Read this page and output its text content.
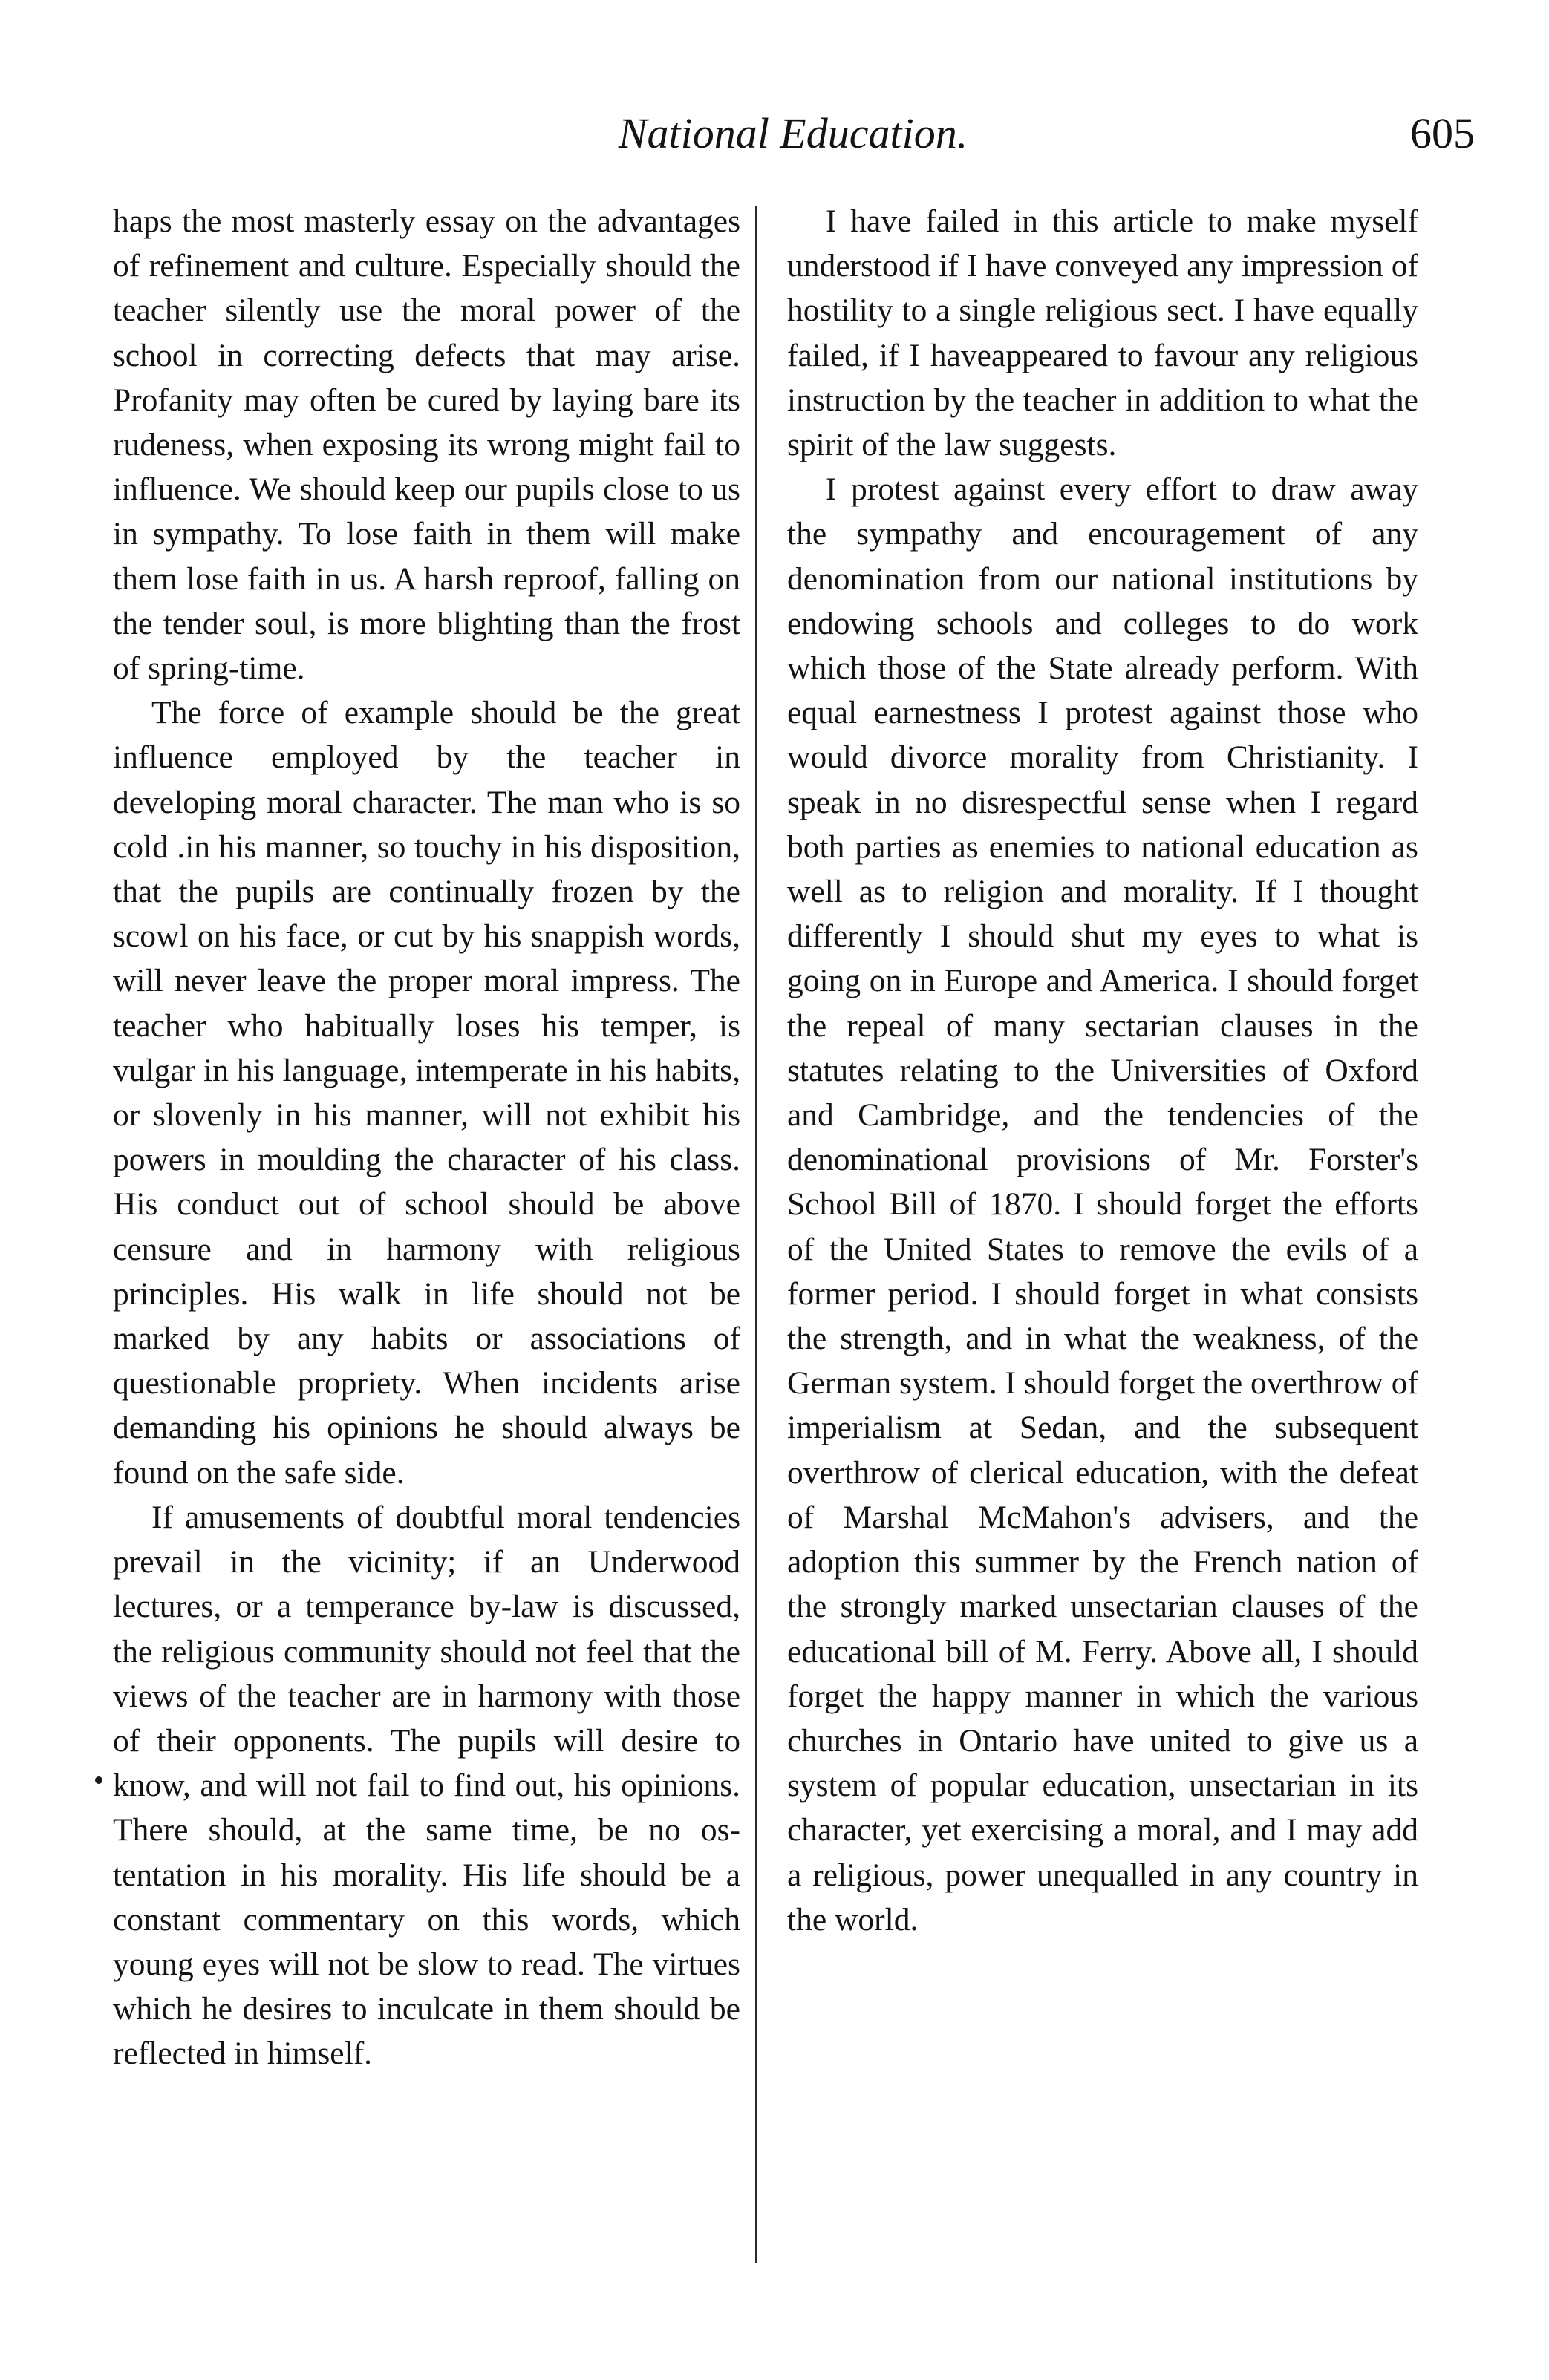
National Education.	605

haps the most masterly essay on the advantages of refinement and culture. Especially should the teacher silently use the moral power of the school in correcting defects that may arise. Profanity may often be cured by laying bare its rudeness, when exposing its wrong might fail to influence. We should keep our pupils close to us in sympathy. To lose faith in them will make them lose faith in us. A harsh reproof, falling on the tender soul, is more blighting than the frost of spring-time.

The force of example should be the great influence employed by the teacher in developing moral character. The man who is so cold .in his manner, so touchy in his disposition, that the pupils are continually frozen by the scowl on his face, or cut by his snappish words, will never leave the proper moral impress. The teacher who habitually loses his temper, is vulgar in his language, intemperate in his habits, or slovenly in his manner, will not exhibit his powers in moulding the character of his class. His conduct out of school should be above censure and in harmony with religious principles. His walk in life should not be marked by any habits or associations of questionable propriety. When incidents arise demanding his opinions he should always be found on the safe side.

If amusements of doubtful moral tendencies prevail in the vicinity; if an Underwood lectures, or a temperance by-law is discussed, the religious community should not feel that the views of the teacher are in harmony with those of their opponents. The pupils will desire to know, and will not fail to find out, his opinions. There should, at the same time, be no ostentation in his morality. His life should be a constant commentary on this words, which young eyes will not be slow to read. The virtues which he desires to inculcate in them should be reflected in himself.

I have failed in this article to make myself understood if I have conveyed any impression of hostility to a single religious sect. I have equally failed, if I haveappeared to favour any religious instruction by the teacher in addition to what the spirit of the law suggests.

I protest against every effort to draw away the sympathy and encouragement of any denomination from our national institutions by endowing schools and colleges to do work which those of the State already perform. With equal earnestness I protest against those who would divorce morality from Christianity. I speak in no disrespectful sense when I regard both parties as enemies to national education as well as to religion and morality. If I thought differently I should shut my eyes to what is going on in Europe and America. I should forget the repeal of many sectarian clauses in the statutes relating to the Universities of Oxford and Cambridge, and the tendencies of the denominational provisions of Mr. Forster's School Bill of 1870. I should forget the efforts of the United States to remove the evils of a former period. I should forget in what consists the strength, and in what the weakness, of the German system. I should forget the overthrow of imperialism at Sedan, and the subsequent overthrow of clerical education, with the defeat of Marshal McMahon's advisers, and the adoption this summer by the French nation of the strongly marked unsectarian clauses of the educational bill of M. Ferry. Above all, I should forget the happy manner in which the various churches in Ontario have united to give us a system of popular education, unsectarian in its character, yet exercising a moral, and I may add a religious, power unequalled in any country in the world.
